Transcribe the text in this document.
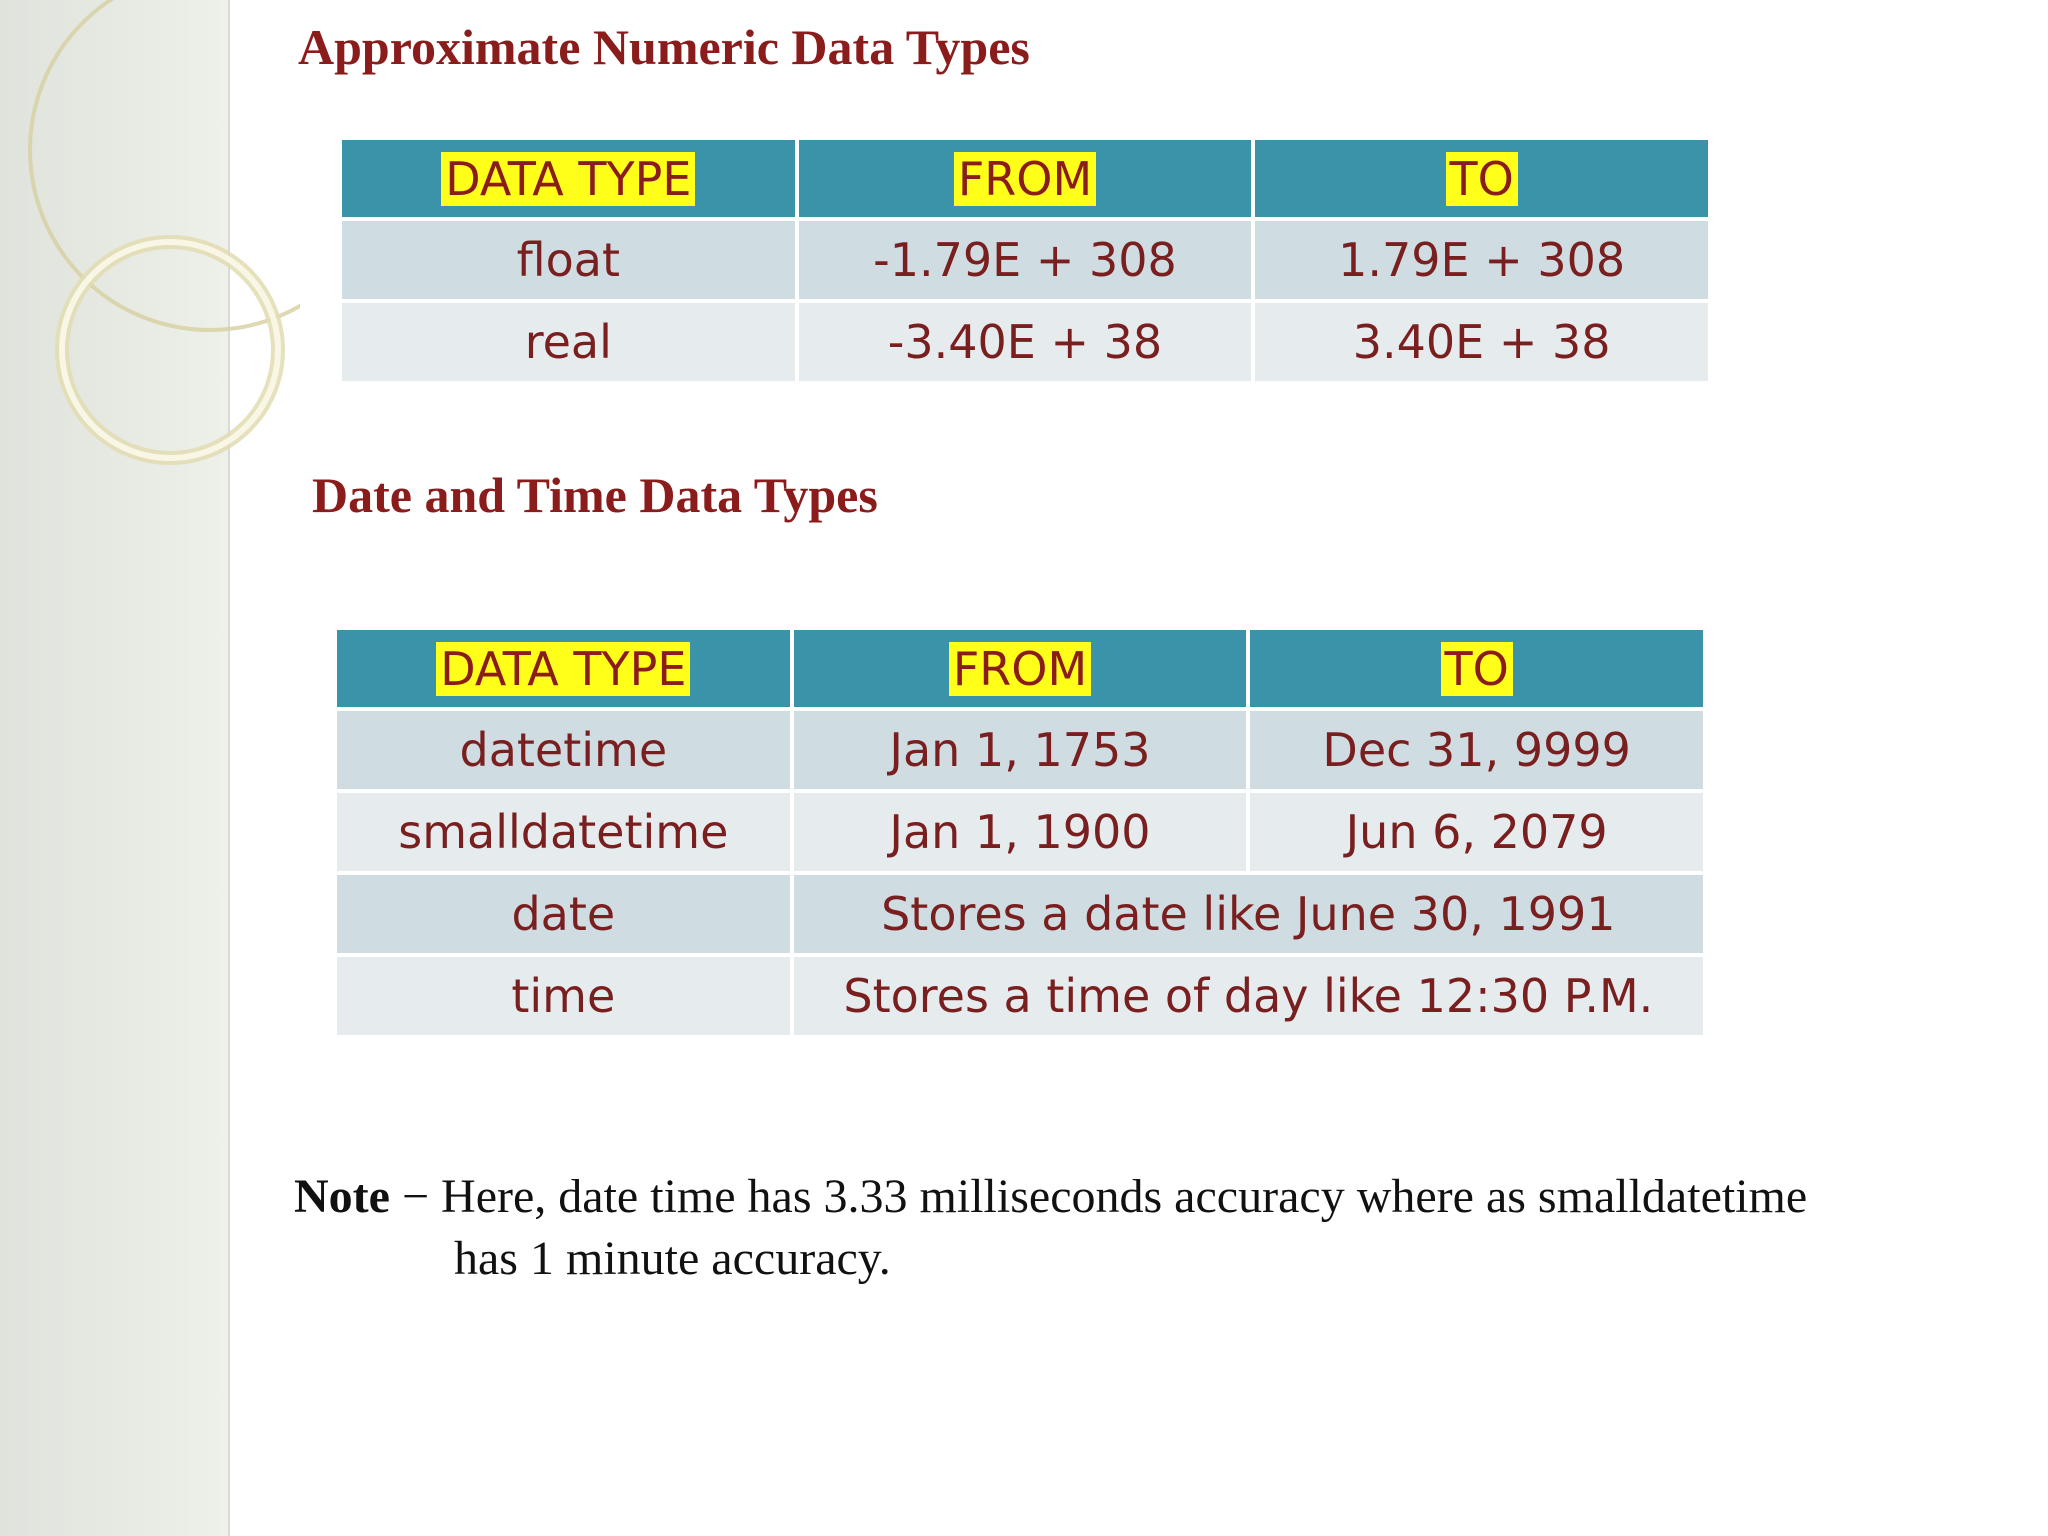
Approximate Numeric Data Types
DATA TYPE	FROM	TO
float	-1.79E + 308	1.79E + 308
real	-3.40E + 38	3.40E + 38
Date and Time Data Types
DATA TYPE	FROM	TO
datetime	Jan 1, 1753	Dec 31, 9999
smalldatetime	Jan 1, 1900	Jun 6, 2079
date	Stores a date like June 30, 1991	
time	Stores a time of day like 12:30 P.M.	
Note − Here, date time has 3.33 milliseconds accuracy where as smalldatetime
has 1 minute accuracy.
